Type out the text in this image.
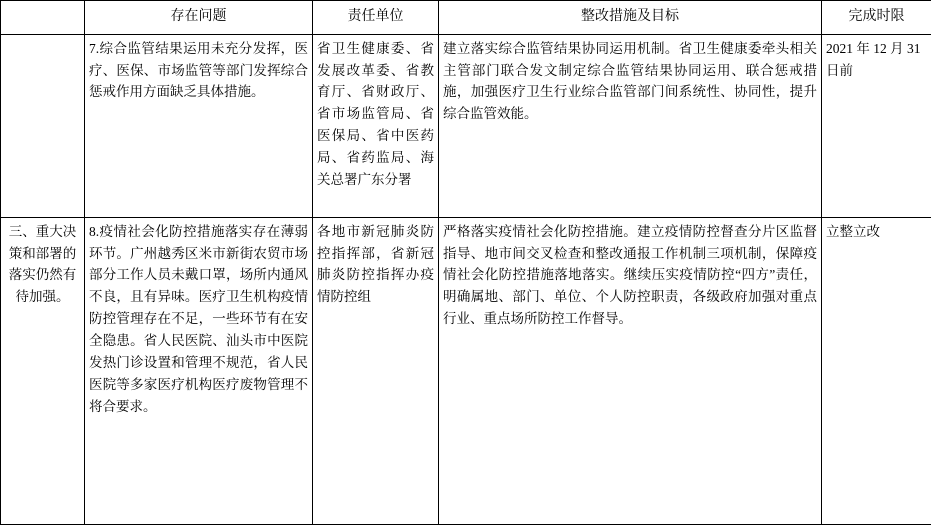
	存在问题	责任单位	整改措施及目标	完成时限
	7.综合监管结果运用未充分发挥，医疗、医保、市场监管等部门发挥综合惩戒作用方面缺乏具体措施。	省卫生健康委、省发展改革委、省教育厅、省财政厅、省市场监管局、省医保局、省中医药局、省药监局、海关总署广东分署	建立落实综合监管结果协同运用机制。省卫生健康委牵头相关主管部门联合发文制定综合监管结果协同运用、联合惩戒措施，加强医疗卫生行业综合监管部门间系统性、协同性，提升综合监管效能。	2021 年 12 月 31 日前
三、重大决策和部署的落实仍然有待加强。	8.疫情社会化防控措施落实存在薄弱环节。广州越秀区米市新街农贸市场部分工作人员未戴口罩，场所内通风不良，且有异味。医疗卫生机构疫情防控管理存在不足，一些环节有在安全隐患。省人民医院、汕头市中医院发热门诊设置和管理不规范，省人民医院等多家医疗机构医疗废物管理不将合要求。	各地市新冠肺炎防控指挥部，省新冠肺炎防控指挥办疫情防控组	严格落实疫情社会化防控措施。建立疫情防控督查分片区监督指导、地市间交叉检查和整改通报工作机制三项机制，保障疫情社会化防控措施落地落实。继续压实疫情防控“四方”责任，明确属地、部门、单位、个人防控职责，各级政府加强对重点行业、重点场所防控工作督导。	立整立改
